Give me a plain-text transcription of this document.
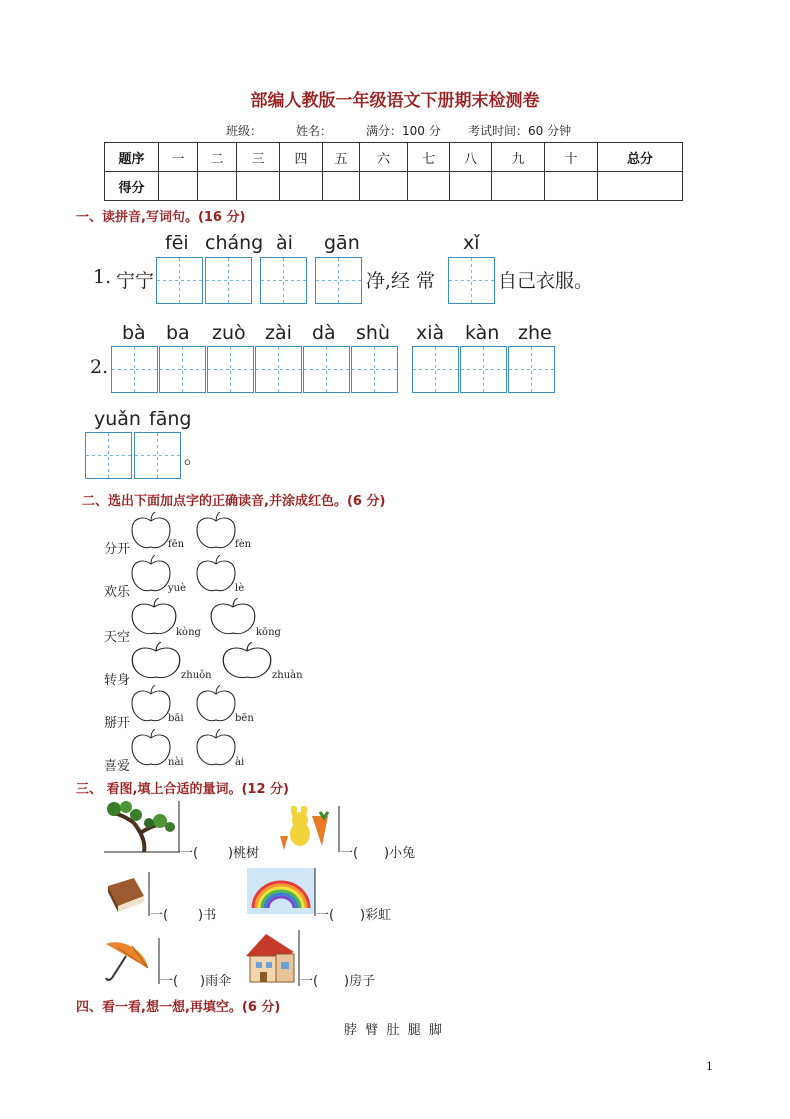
部编人教版一年级语文下册期末检测卷
班级：	姓名：	满分：100 分 考试时间：60 分钟
题序	一	二	三	四	五	六	七	八	九	十	总分
得分											
一、读拼音,写词句。(16 分)
fēi cháng ài gān	xǐ
1. 宁宁	净,经 常	自己衣服。
bà ba zuò zài dà shù xià kàn zhe
2.
yuǎn fāng
。
二、选出下面加点字的正确读音,并涂成红色。(6 分)
分开	fēn	fèn
欢乐	yuè	lè
天空	kòng	kōng
转身	zhuǒn	zhuàn
掰开	bāi	bēn
喜爱	nài	ài
三、 看图,填上合适的量词。(12 分)
一( )桃树	一( )小兔
一( )书	一( )彩虹
一( )雨伞	一( )房子
四、看一看,想一想,再填空。(6 分)
脖  臂  肚  腿  脚
1
